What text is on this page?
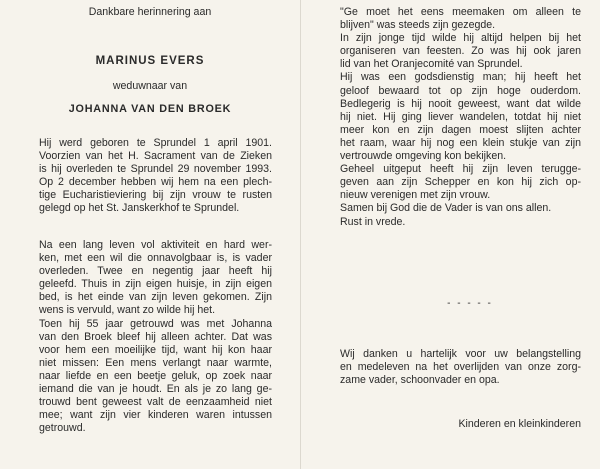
Dankbare herinnering aan
MARINUS EVERS
weduwnaar van
JOHANNA VAN DEN BROEK
Hij werd geboren te Sprundel 1 april 1901.
Voorzien van het H. Sacrament van de Zieken
is hij overleden te Sprundel 29 november 1993.
Op 2 december hebben wij hem na een plech-
tige Eucharistieviering bij zijn vrouw te rusten
gelegd op het St. Janskerkhof te Sprundel.
Na een lang leven vol aktiviteit en hard wer-
ken, met een wil die onnavolgbaar is, is vader
overleden. Twee en negentig jaar heeft hij
geleefd. Thuis in zijn eigen huisje, in zijn eigen
bed, is het einde van zijn leven gekomen. Zijn
wens is vervuld, want zo wilde hij het.
Toen hij 55 jaar getrouwd was met Johanna
van den Broek bleef hij alleen achter. Dat was
voor hem een moeilijke tijd, want hij kon haar
niet missen: Een mens verlangt naar warmte,
naar liefde en een beetje geluk, op zoek naar
iemand die van je houdt. En als je zo lang ge-
trouwd bent geweest valt de eenzaamheid niet
mee; want zijn vier kinderen waren intussen
getrouwd.
"Ge moet het eens meemaken om alleen te
blijven" was steeds zijn gezegde.
In zijn jonge tijd wilde hij altijd helpen bij het
organiseren van feesten. Zo was hij ook jaren
lid van het Oranjecomité van Sprundel.
Hij was een godsdienstig man; hij heeft het
geloof bewaard tot op zijn hoge ouderdom.
Bedlegerig is hij nooit geweest, want dat wilde
hij niet. Hij ging liever wandelen, totdat hij niet
meer kon en zijn dagen moest slijten achter
het raam, waar hij nog een klein stukje van zijn
vertrouwde omgeving kon bekijken.
Geheel uitgeput heeft hij zijn leven terugge-
geven aan zijn Schepper en kon hij zich op-
nieuw verenigen met zijn vrouw.
Samen bij God die de Vader is van ons allen.
Rust in vrede.
- - - - -
Wij danken u hartelijk voor uw belangstelling
en medeleven na het overlijden van onze zorg-
zame vader, schoonvader en opa.
Kinderen en kleinkinderen
